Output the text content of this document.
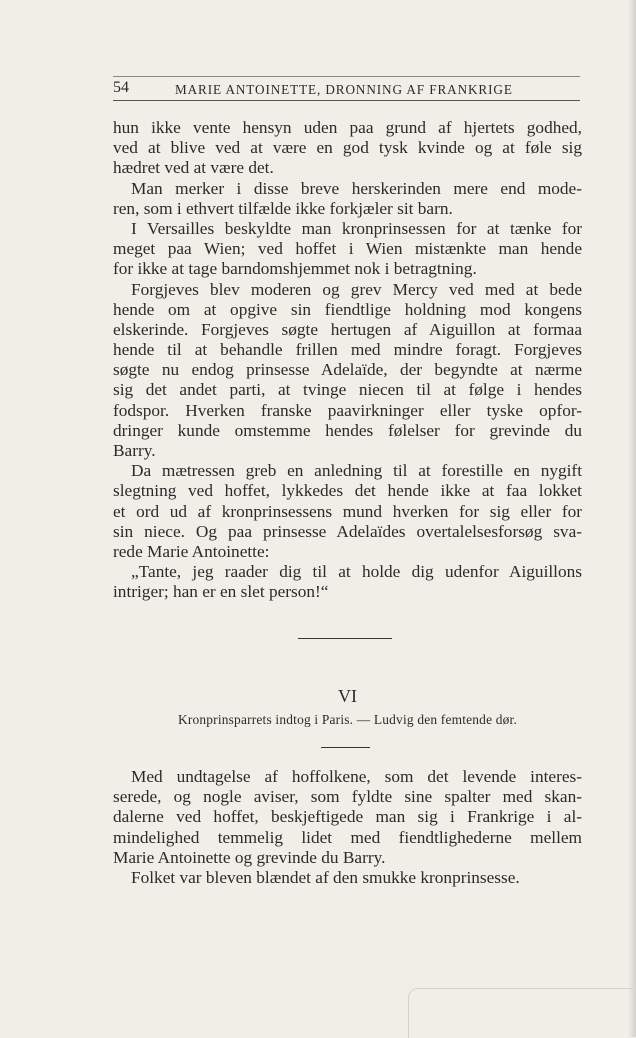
54	MARIE ANTOINETTE, DRONNING AF FRANKRIGE
hun ikke vente hensyn uden paa grund af hjertets godhed,
ved at blive ved at være en god tysk kvinde og at føle sig
hædret ved at være det.
Man merker i disse breve herskerinden mere end mode-
ren, som i ethvert tilfælde ikke forkjæler sit barn.
I Versailles beskyldte man kronprinsessen for at tænke for
meget paa Wien; ved hoffet i Wien mistænkte man hende
for ikke at tage barndomshjemmet nok i betragtning.
Forgjeves blev moderen og grev Mercy ved med at bede
hende om at opgive sin fiendtlige holdning mod kongens
elskerinde. Forgjeves søgte hertugen af Aiguillon at formaa
hende til at behandle frillen med mindre foragt. Forgjeves
søgte nu endog prinsesse Adelaïde, der begyndte at nærme
sig det andet parti, at tvinge niecen til at følge i hendes
fodspor. Hverken franske paavirkninger eller tyske opfor-
dringer kunde omstemme hendes følelser for grevinde du
Barry.
Da mætressen greb en anledning til at forestille en nygift
slegtning ved hoffet, lykkedes det hende ikke at faa lokket
et ord ud af kronprinsessens mund hverken for sig eller for
sin niece. Og paa prinsesse Adelaïdes overtalelsesforsøg sva-
rede Marie Antoinette:
„Tante, jeg raader dig til at holde dig udenfor Aiguillons
intriger; han er en slet person!“
VI
Kronprinsparrets indtog i Paris. — Ludvig den femtende dør.
Med undtagelse af hoffolkene, som det levende interes-
serede, og nogle aviser, som fyldte sine spalter med skan-
dalerne ved hoffet, beskjeftigede man sig i Frankrige i al-
mindelighed temmelig lidet med fiendtlighederne mellem
Marie Antoinette og grevinde du Barry.
Folket var bleven blændet af den smukke kronprinsesse.
